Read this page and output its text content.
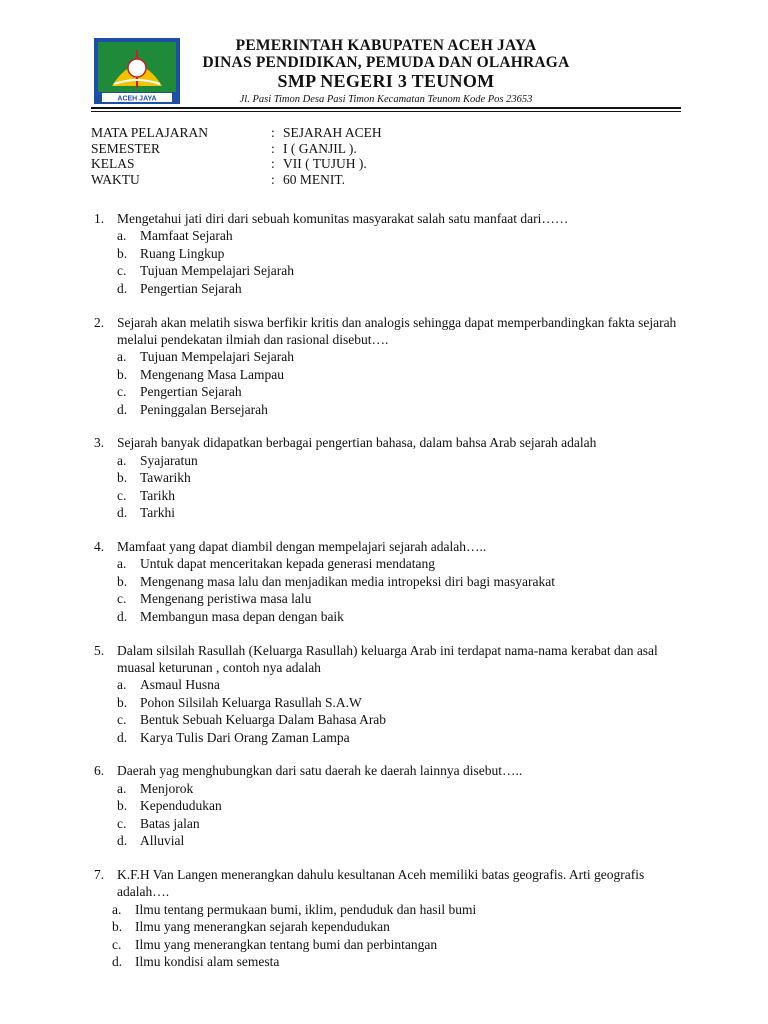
ACEH JAYA
PEMERINTAH KABUPATEN ACEH JAYA
DINAS PENDIDIKAN, PEMUDA DAN OLAHRAGA
SMP NEGERI 3 TEUNOM
Jl. Pasi Timon Desa Pasi Timon Kecamatan Teunom Kode Pos 23653
MATA PELAJARAN	: SEJARAH ACEH
SEMESTER	: I ( GANJIL ).
KELAS	: VII ( TUJUH ).
WAKTU	: 60 MENIT.
1. Mengetahui jati diri dari sebuah komunitas masyarakat salah satu manfaat dari……
a.	Mamfaat Sejarah
b. Ruang Lingkup
c.	Tujuan Mempelajari Sejarah
d. Pengertian Sejarah
2. Sejarah akan melatih siswa berfikir kritis dan analogis sehingga dapat memperbandingkan fakta sejarah melalui pendekatan ilmiah dan rasional disebut….
a.	Tujuan Mempelajari Sejarah
b. Mengenang Masa Lampau
c.	Pengertian Sejarah
d. Peninggalan Bersejarah
3. Sejarah banyak didapatkan berbagai pengertian bahasa, dalam bahsa Arab sejarah adalah
a.	Syajaratun
b. Tawarikh
c.	Tarikh
d. Tarkhi
4. Mamfaat yang dapat diambil dengan mempelajari sejarah adalah…..
a.	Untuk dapat menceritakan kepada generasi mendatang
b. Mengenang masa lalu dan menjadikan media intropeksi diri bagi masyarakat
c.	Mengenang peristiwa masa lalu
d. Membangun masa depan dengan baik
5. Dalam silsilah Rasullah (Keluarga Rasullah) keluarga Arab ini terdapat nama-nama kerabat dan asal muasal keturunan , contoh nya adalah
a.	Asmaul Husna
b. Pohon Silsilah Keluarga Rasullah S.A.W
c.	Bentuk Sebuah Keluarga Dalam Bahasa Arab
d. Karya Tulis Dari Orang Zaman Lampa
6. Daerah yag menghubungkan dari satu daerah ke daerah lainnya disebut…..
a.	Menjorok
b. Kependudukan
c.	Batas jalan
d. Alluvial
7. K.F.H Van Langen menerangkan dahulu kesultanan Aceh memiliki batas geografis. Arti geografis adalah….
a.	Ilmu tentang permukaan bumi, iklim, penduduk dan hasil bumi
b. Ilmu yang menerangkan sejarah kependudukan
c.	Ilmu yang menerangkan tentang bumi dan perbintangan
d. Ilmu kondisi alam semesta
